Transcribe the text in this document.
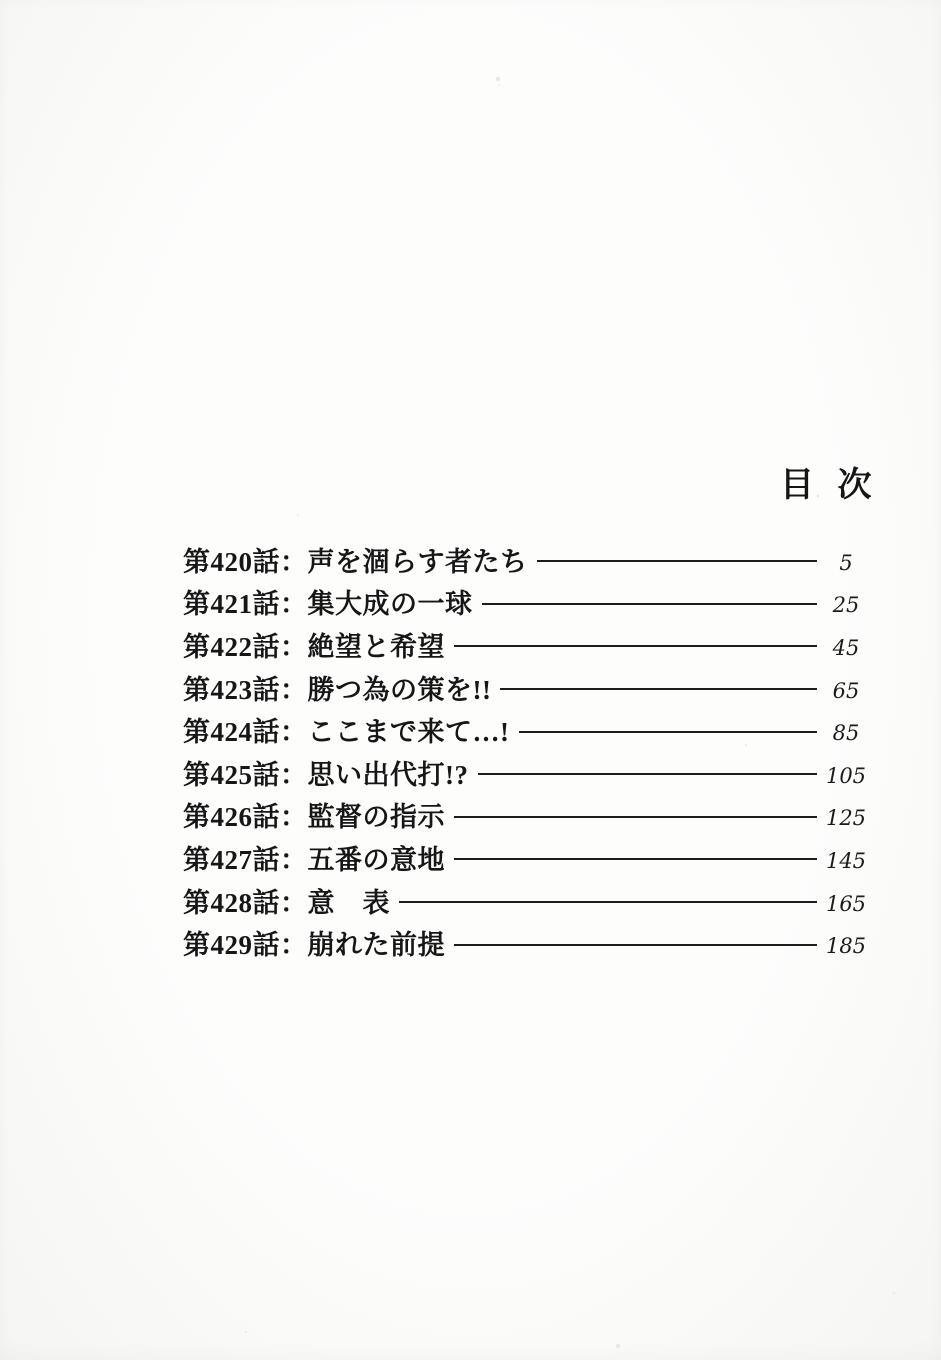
目 次
第420話：声を涸らす者たち	5
第421話：集大成の一球	25
第422話：絶望と希望	45
第423話：勝つ為の策を!!	65
第424話：ここまで来て…!	85
第425話：思い出代打!?	105
第426話：監督の指示	125
第427話：五番の意地	145
第428話：意　表	165
第429話：崩れた前提	185
